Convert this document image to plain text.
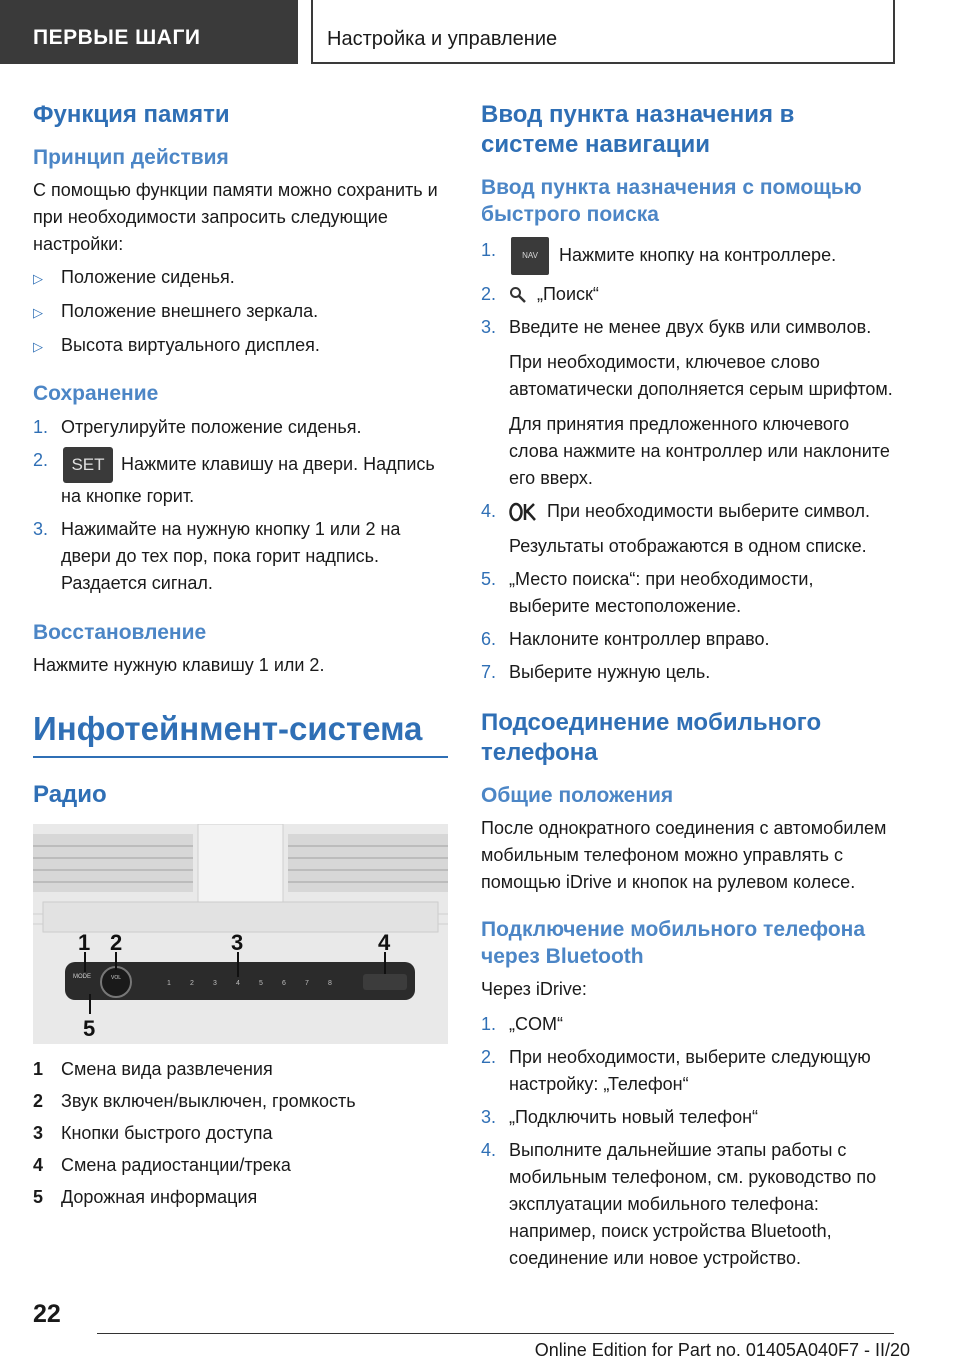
ПЕРВЫЕ ШАГИ	Настройка и управление
Функция памяти
Принцип действия

С помощью функции памяти можно сохранить и при необходимости запросить следующие настройки:

▷	Положение сиденья.
▷	Положение внешнего зеркала.
▷	Высота виртуального дисплея.
Сохранение
1. Отрегулируйте положение сиденья.
2.	SET Нажмите клавишу на двери. Надпись на кнопке горит.
3. Нажимайте на нужную кнопку 1 или 2 на двери до тех пор, пока горит надпись. Раздается сигнал.
Восстановление

Нажмите нужную клавишу 1 или 2.

Инфотейнмент-система
Радио
MODE	VOL
1	2	3	4	5	6	7	8
1 2	3	4
5
1 Смена вида развлечения
2 Звук включен/выключен, громкость
3 Кнопки быстрого доступа
4 Смена радиостанции/трека
5 Дорожная информация
Ввод пункта назначения в системе навигации
Ввод пункта назначения с помощью быстрого поиска
1.	NAV Нажмите кнопку на контроллере.
2.	„Поиск“
3. Введите не менее двух букв или символов.
При необходимости, ключевое слово автоматически дополняется серым шрифтом.
Для принятия предложенного ключевого слова нажмите на контроллер или наклоните его вверх.
4.	При необходимости выберите символ.
Результаты отображаются в одном списке.
5. „Место поиска“: при необходимости, выберите местоположение.
6. Наклоните контроллер вправо.
7. Выберите нужную цель.
Подсоединение мобильного телефона
Общие положения

После однократного соединения с автомобилем мобильным телефоном можно управлять с помощью iDrive и кнопок на рулевом колесе.

Подключение мобильного телефона через Bluetooth

Через iDrive:

1. „COM“
2. При необходимости, выберите следующую настройку: „Телефон“
3. „Подключить новый телефон“
4. Выполните дальнейшие этапы работы с мобильным телефоном, см. руководство по эксплуатации мобильного телефона: например, поиск устройства Bluetooth, соединение или новое устройство.
22
Online Edition for Part no. 01405A040F7 - II/20
